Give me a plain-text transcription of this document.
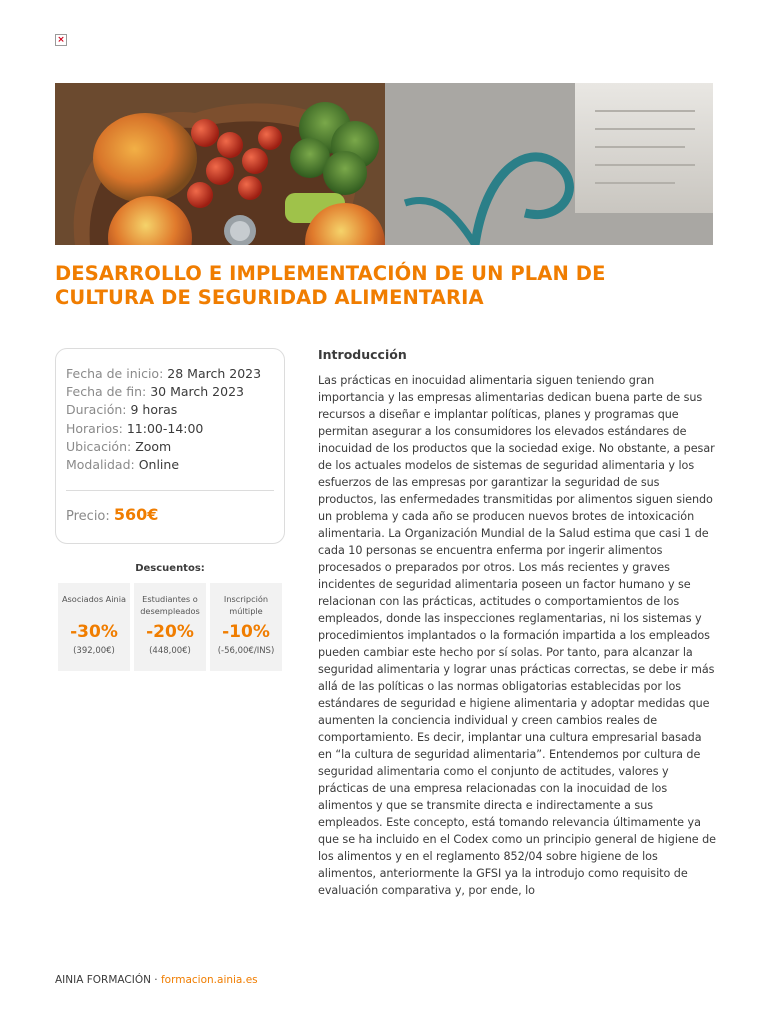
×
DESARROLLO E IMPLEMENTACIÓN DE UN PLAN DE
CULTURA DE SEGURIDAD ALIMENTARIA
Fecha de inicio: 28 March 2023
Fecha de fin: 30 March 2023
Duración: 9 horas
Horarios: 11:00-14:00
Ubicación: Zoom
Modalidad: Online
Precio: 560€
Descuentos:
Asociados Ainia
-30%
(392,00€)
Estudiantes o desempleados
-20%
(448,00€)
Inscripción múltiple
-10%
(-56,00€/INS)
Introducción

Las prácticas en inocuidad alimentaria siguen teniendo gran importancia y las empresas alimentarias dedican buena parte de sus recursos a diseñar e implantar políticas, planes y programas que permitan asegurar a los consumidores los elevados estándares de inocuidad de los productos que la sociedad exige. No obstante, a pesar de los actuales modelos de sistemas de seguridad alimentaria y los esfuerzos de las empresas por garantizar la seguridad de sus productos, las enfermedades transmitidas por alimentos siguen siendo un problema y cada año se producen nuevos brotes de intoxicación alimentaria. La Organización Mundial de la Salud estima que casi 1 de cada 10 personas se encuentra enferma por ingerir alimentos procesados o preparados por otros. Los más recientes y graves incidentes de seguridad alimentaria poseen un factor humano y se relacionan con las prácticas, actitudes o comportamientos de los empleados, donde las inspecciones reglamentarias, ni los sistemas y procedimientos implantados o la formación impartida a los empleados pueden cambiar este hecho por sí solas. Por tanto, para alcanzar la seguridad alimentaria y lograr unas prácticas correctas, se debe ir más allá de las políticas o las normas obligatorias establecidas por los estándares de seguridad e higiene alimentaria y adoptar medidas que aumenten la conciencia individual y creen cambios reales de comportamiento. Es decir, implantar una cultura empresarial basada en “la cultura de seguridad alimentaria”. Entendemos por cultura de seguridad alimentaria como el conjunto de actitudes, valores y prácticas de una empresa relacionadas con la inocuidad de los alimentos y que se transmite directa e indirectamente a sus empleados. Este concepto, está tomando relevancia últimamente ya que se ha incluido en el Codex como un principio general de higiene de los alimentos y en el reglamento 852/04 sobre higiene de los alimentos, anteriormente la GFSI ya la introdujo como requisito de evaluación comparativa y, por ende, lo

AINIA FORMACIÓN · formacion.ainia.es
